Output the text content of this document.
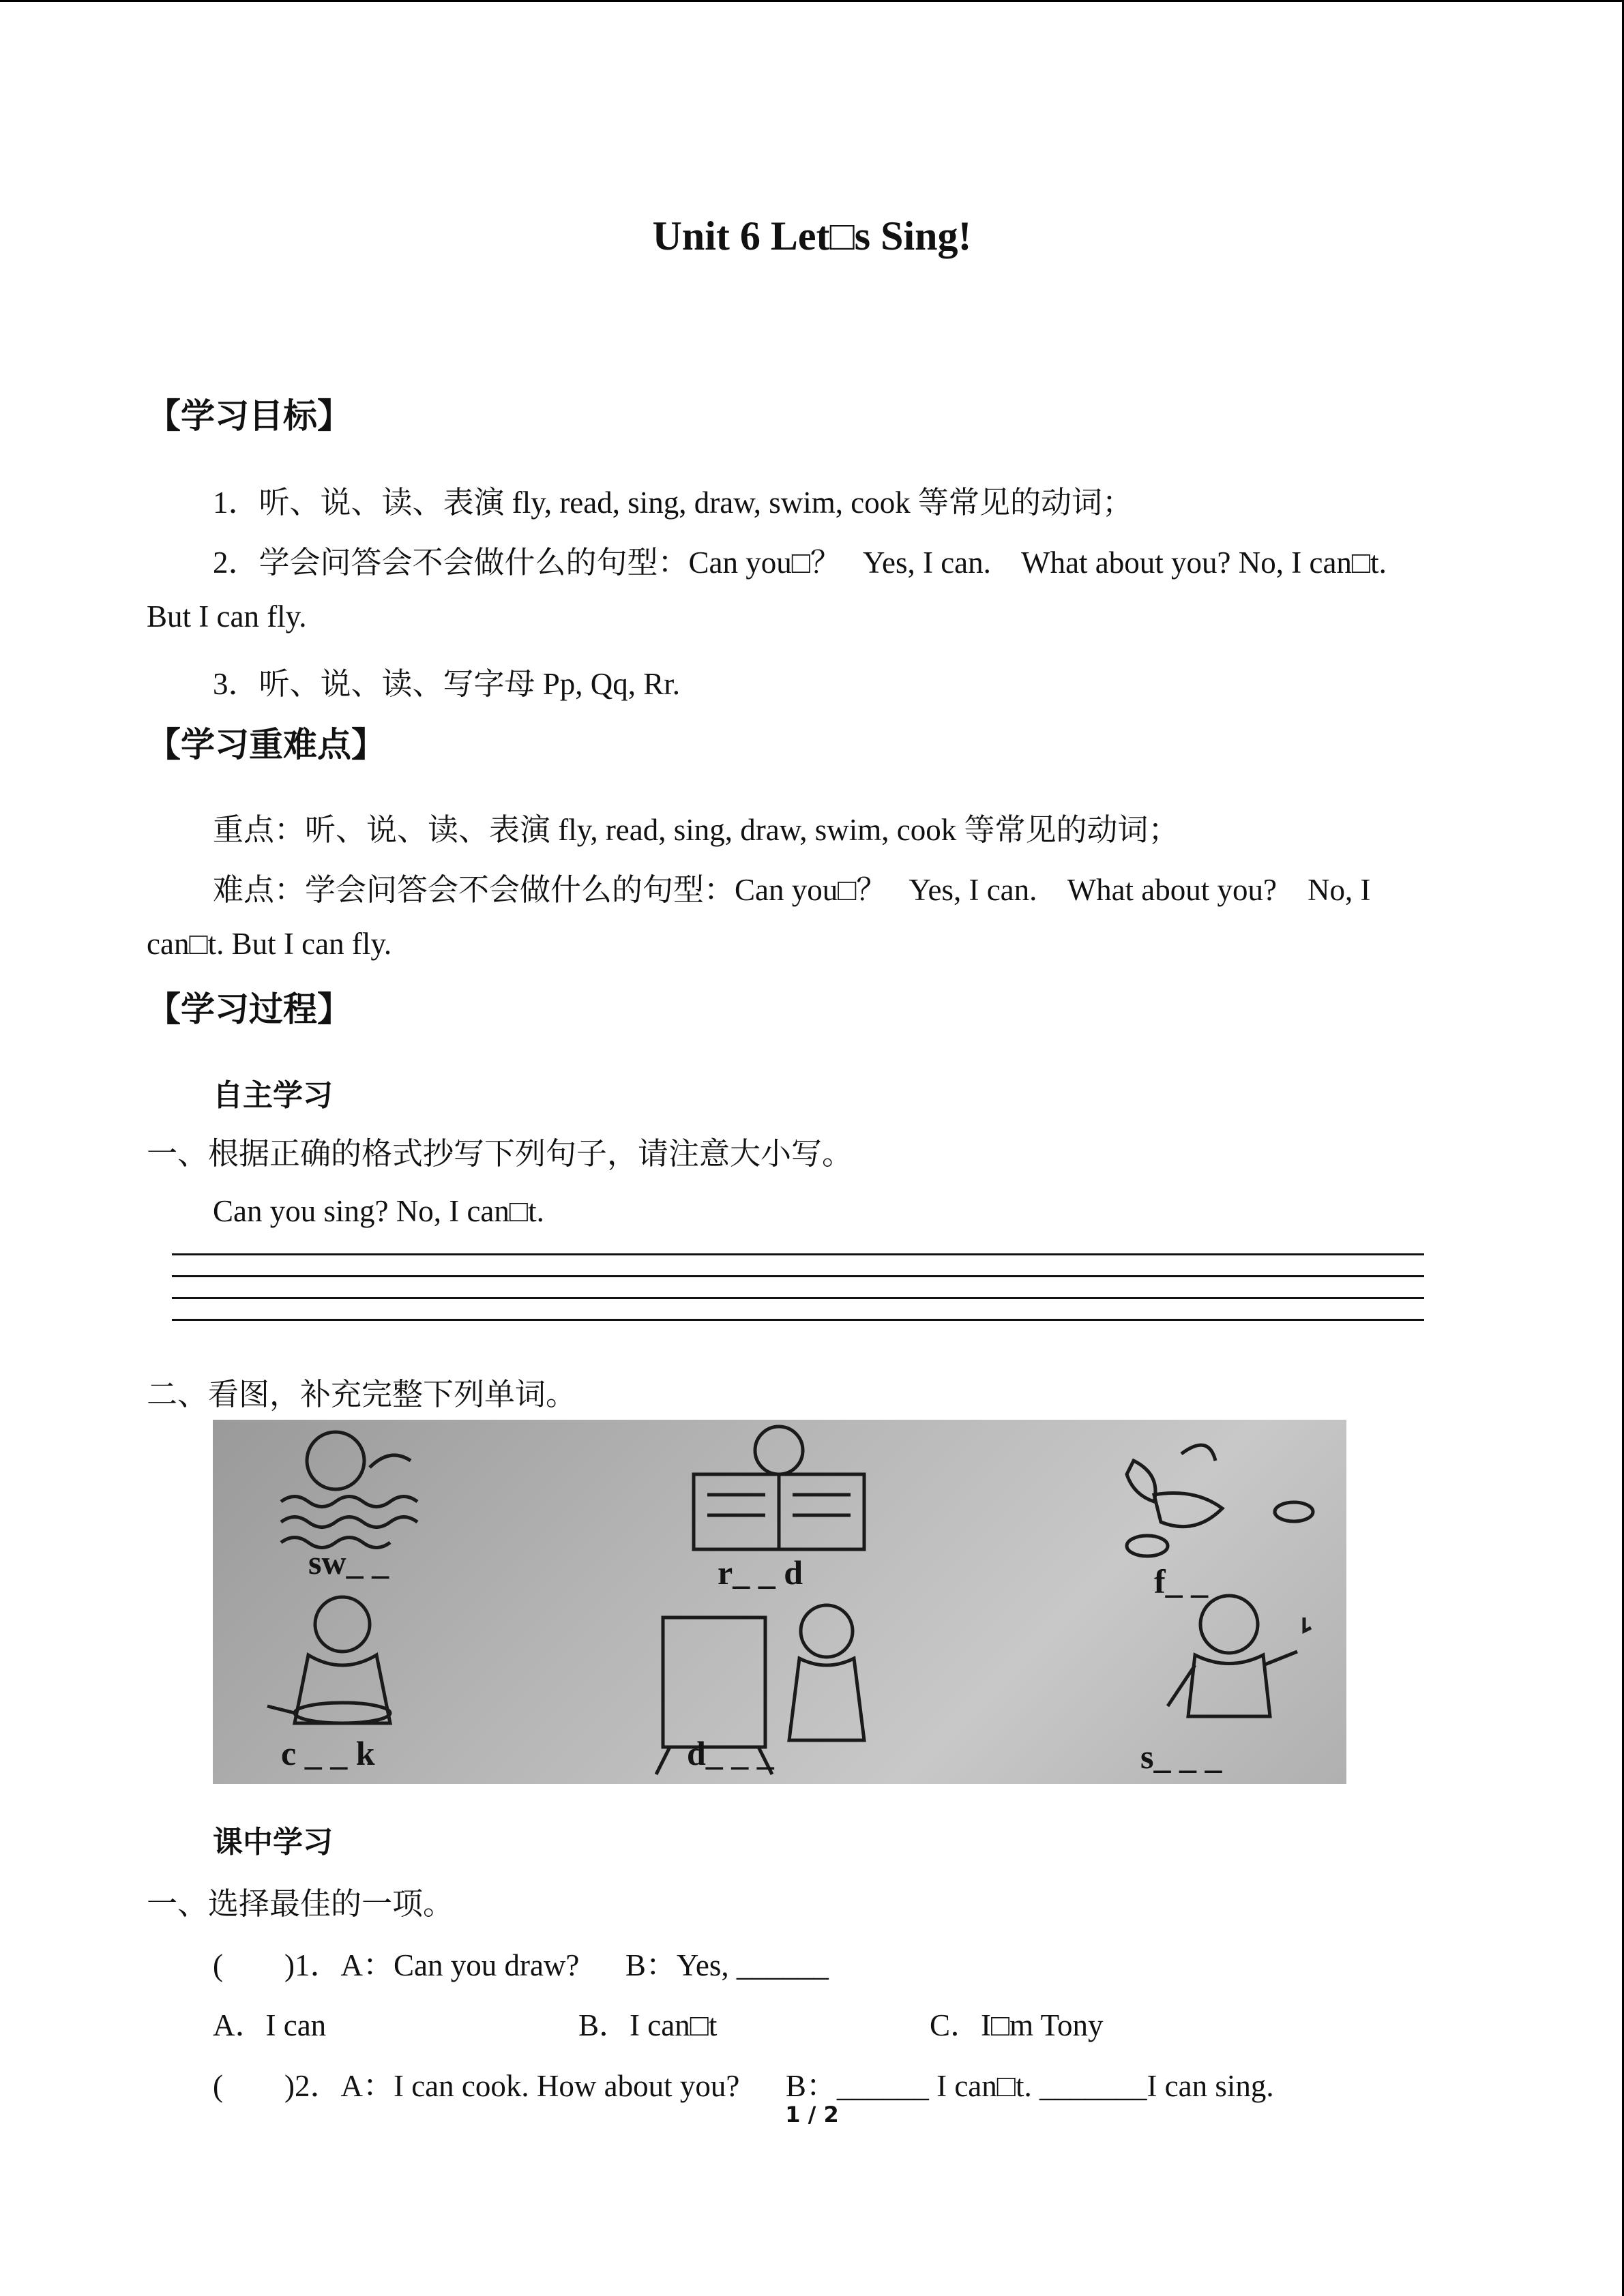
Unit 6 Let□s Sing!
【学习目标】
1．听、说、读、表演 fly, read, sing, draw, swim, cook 等常见的动词；
2．学会问答会不会做什么的句型：Can you□？   Yes, I can.    What about you? No, I can□t.
But I can fly.
3．听、说、读、写字母 Pp, Qq, Rr.
【学习重难点】
重点：听、说、读、表演 fly, read, sing, draw, swim, cook 等常见的动词；
难点：学会问答会不会做什么的句型：Can you□？   Yes, I can.    What about you?    No, I
can□t. But I can fly.
【学习过程】
自主学习
一、根据正确的格式抄写下列句子，请注意大小写。
Can you sing? No, I can□t.
二、看图，补充完整下列单词。
sw_ _	r_ _ d	f_ _
c _ _ k	d_ _ _	s_ _ _
课中学习
一、选择最佳的一项。
(        )1．A：Can you draw?      B：Yes, ______
A．I can	B．I can□t	C．I□m Tony
(        )2．A：I can cook. How about you?      B：______ I can□t. _______I can sing.
1 / 2
